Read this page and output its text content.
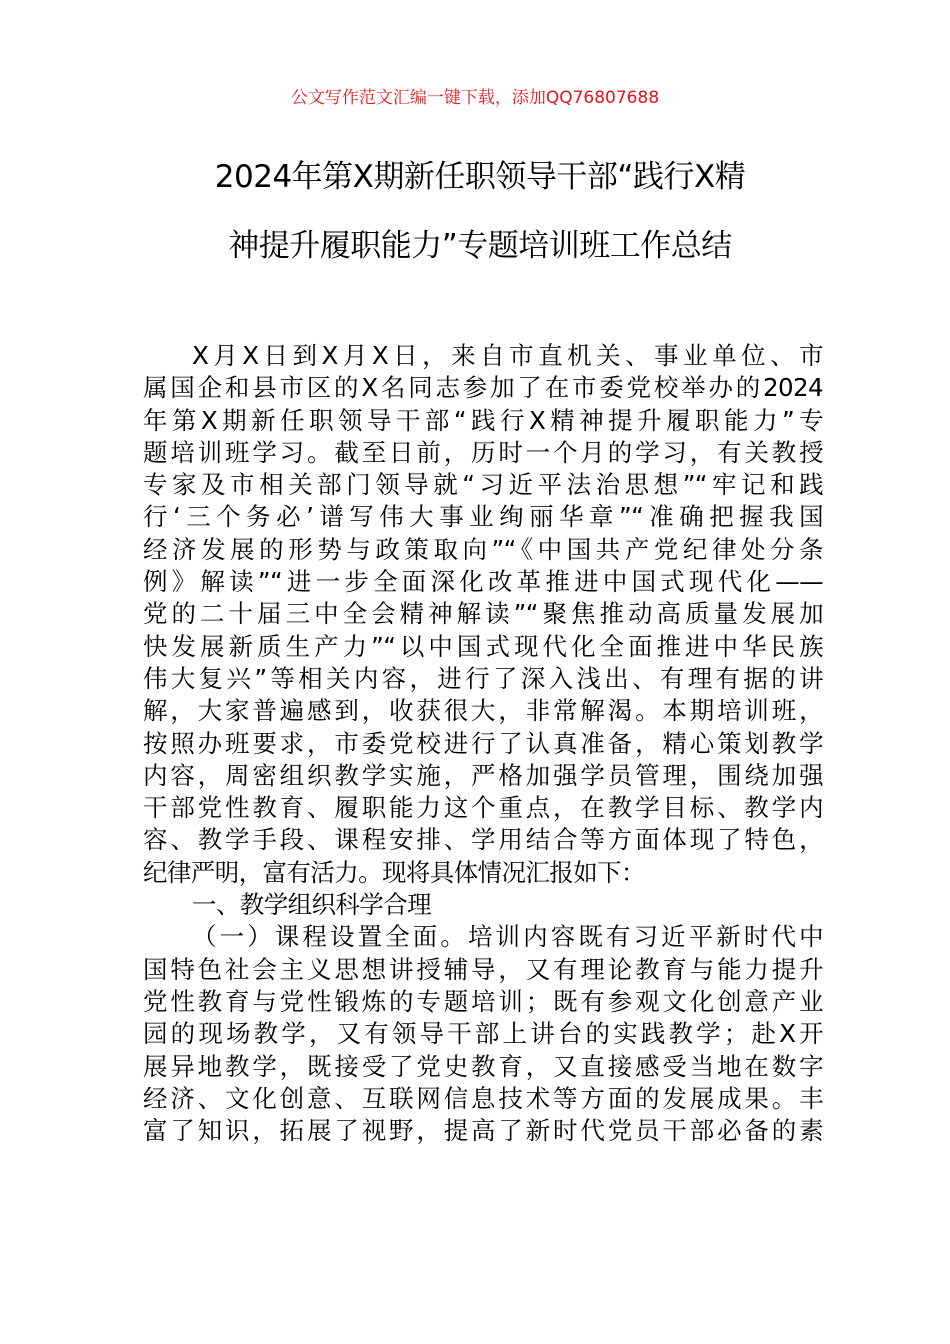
公文写作范文汇编一键下载，添加QQ76807688
2024年第X期新任职领导干部“践行X精
神提升履职能力”专题培训班工作总结
X月X日到X月X日，来自市直机关、事业单位、市
属国企和县市区的X名同志参加了在市委党校举办的2024
年第X期新任职领导干部“践行X精神提升履职能力”专
题培训班学习。截至日前，历时一个月的学习，有关教授
专家及市相关部门领导就“习近平法治思想”“牢记和践
行‘三个务必’谱写伟大事业绚丽华章”“准确把握我国
经济发展的形势与政策取向”“《中国共产党纪律处分条
例》解读”“进一步全面深化改革推进中国式现代化——
党的二十届三中全会精神解读”“聚焦推动高质量发展加
快发展新质生产力”“以中国式现代化全面推进中华民族
伟大复兴”等相关内容，进行了深入浅出、有理有据的讲
解，大家普遍感到，收获很大，非常解渴。本期培训班，
按照办班要求，市委党校进行了认真准备，精心策划教学
内容，周密组织教学实施，严格加强学员管理，围绕加强
干部党性教育、履职能力这个重点，在教学目标、教学内
容、教学手段、课程安排、学用结合等方面体现了特色，
纪律严明，富有活力。现将具体情况汇报如下：
一、教学组织科学合理
（一）课程设置全面。培训内容既有习近平新时代中
国特色社会主义思想讲授辅导，又有理论教育与能力提升
党性教育与党性锻炼的专题培训；既有参观文化创意产业
园的现场教学，又有领导干部上讲台的实践教学；赴X开
展异地教学，既接受了党史教育，又直接感受当地在数字
经济、文化创意、互联网信息技术等方面的发展成果。丰
富了知识，拓展了视野，提高了新时代党员干部必备的素
